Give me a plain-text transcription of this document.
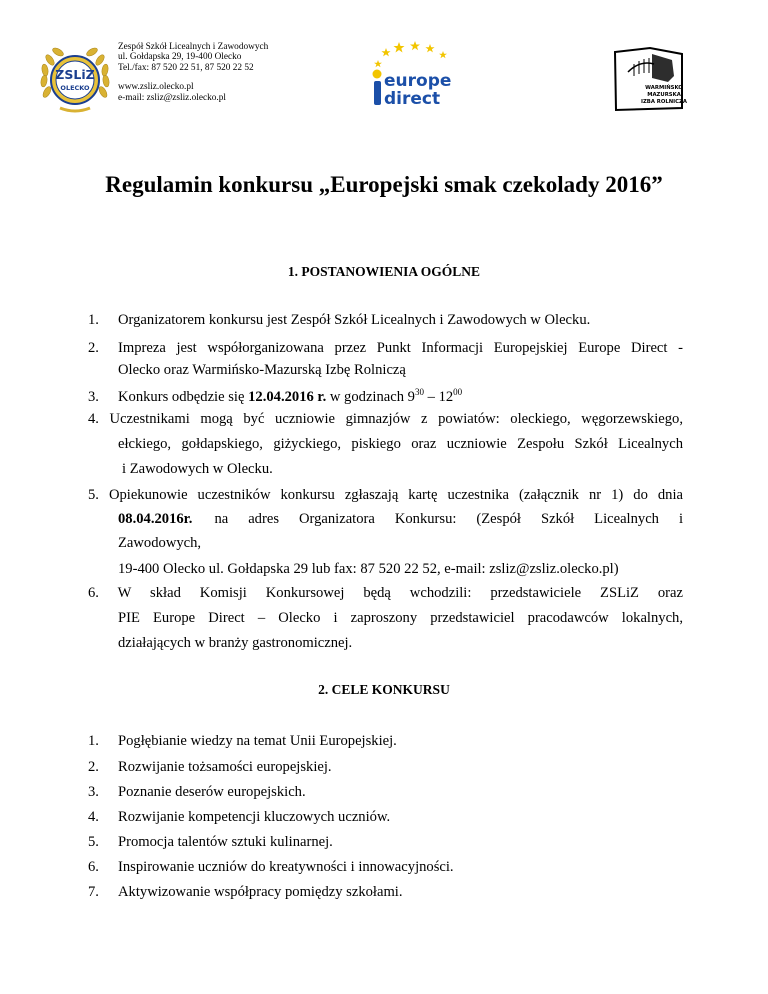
ZSLiZ
OLECKO
Zespół Szkół Licealnych i Zawodowych
ul. Gołdapska 29, 19-400 Olecko
Tel./fax: 87 520 22 51, 87 520 22 52
www.zsliz.olecko.pl
e-mail: zsliz@zsliz.olecko.pl
europe
direct
WARMIŃSKO
MAZURSKA
IZBA ROLNICZA
Regulamin konkursu „Europejski smak czekolady 2016”
1. POSTANOWIENIA OGÓLNE
1.	Organizatorem konkursu jest Zespół Szkół Licealnych i Zawodowych w Olecku.
2.	Impreza jest współorganizowana przez Punkt Informacji Europejskiej Europe Direct -
Olecko oraz Warmińsko-Mazurską Izbę Rolniczą
3.	Konkurs odbędzie się 12.04.2016 r. w godzinach $9^{30} - 12^{00}$
4. Uczestnikami mogą być uczniowie gimnazjów z powiatów: oleckiego, węgorzewskiego,
ełckiego, gołdapskiego, giżyckiego, piskiego oraz uczniowie Zespołu Szkół Licealnych
i Zawodowych w Olecku.
5. Opiekunowie uczestników konkursu zgłaszają kartę uczestnika (załącznik nr 1) do dnia
08.04.2016r. na adres Organizatora Konkursu: (Zespół Szkół Licealnych i
Zawodowych,
19-400 Olecko ul. Gołdapska 29 lub fax: 87 520 22 52, e-mail: zsliz@zsliz.olecko.pl)
6. W skład Komisji Konkursowej będą wchodzili: przedstawiciele ZSLiZ oraz
PIE Europe Direct – Olecko i zaproszony przedstawiciel pracodawców lokalnych,
działających w branży gastronomicznej.
2. CELE KONKURSU
1.	Pogłębianie wiedzy na temat Unii Europejskiej.
2.	Rozwijanie tożsamości europejskiej.
3.	Poznanie deserów europejskich.
4.	Rozwijanie kompetencji kluczowych uczniów.
5.	Promocja talentów sztuki kulinarnej.
6.	Inspirowanie uczniów do kreatywności i innowacyjności.
7.	Aktywizowanie współpracy pomiędzy szkołami.
